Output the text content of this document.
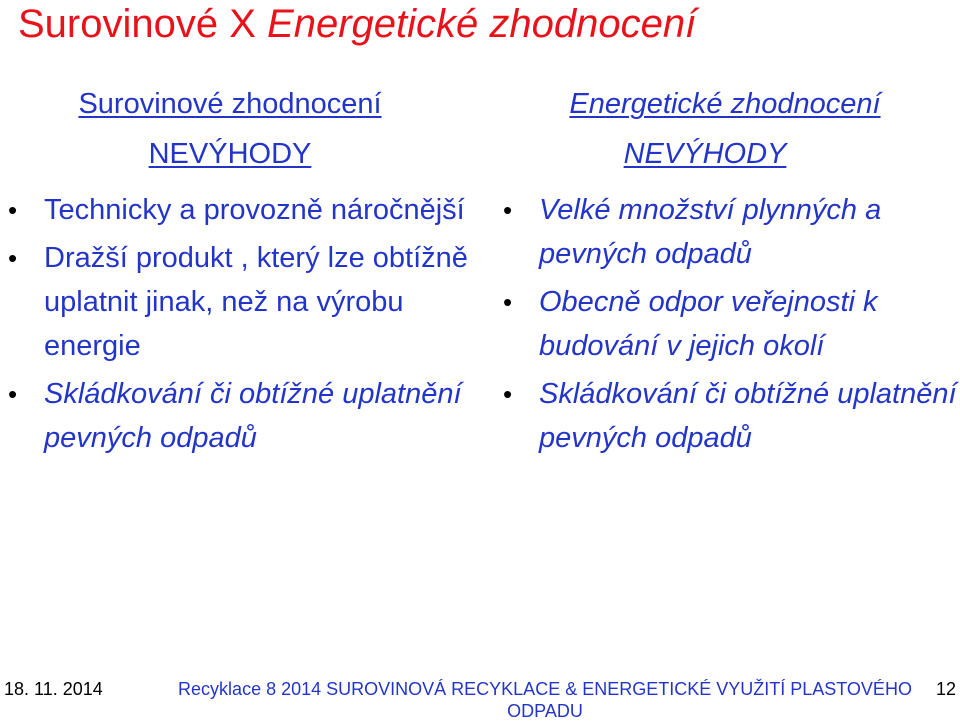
Surovinové X Energetické zhodnocení
Surovinové zhodnocení
NEVÝHODY
• Technicky a provozně náročnější
• Dražší produkt , který lze obtížně uplatnit jinak, než na výrobu energie
• Skládkování či obtížné uplatnění pevných odpadů
Energetické zhodnocení
NEVÝHODY
• Velké množství plynných a pevných odpadů
• Obecně odpor veřejnosti k budování v jejich okolí
• Skládkování či obtížné uplatnění pevných odpadů
18. 11. 2014	Recyklace 8 2014 SUROVINOVÁ RECYKLACE & ENERGETICKÉ VYUŽITÍ PLASTOVÉHO ODPADU
12
